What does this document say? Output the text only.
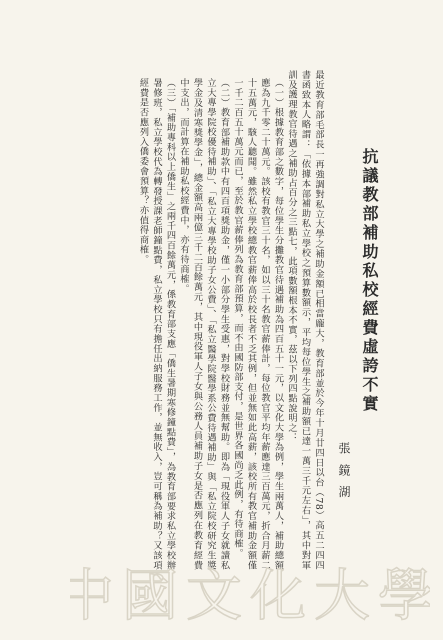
抗議教部補助私校經費虛誇不實
張 鏡 湖
最近教育部毛部長一再強調對私立大學之補助金額已相當龐大，教育部並於今年十月廿四日以台（78）高五二四四書函致本人略謂：「依據本部補助私立學校之預算數額示，平均每位學生之補助額已達一萬三千元左右」，其中對軍訓及護理教官待遇之補助占百分之三點七，此項數額根本不實，茲以下列四點說明之：
（一）根據教育部之數字，每位學生分攤教官待遇補助為四百五十一元，以文化大學為例，學生兩萬人，補助總額應為九千零二十萬元。該校有教官三十名，如以三十名教官薪俸計，每位教官平均年薪應達三百萬元，折合月薪二十五萬元，駭人聽聞。雖然私立學校總教官薪俸高於校長者不乏其例，但並無如此高薪，該校所有教官補助金額僅一千二百五十萬元而已，至於教官薪俸列為教育部預算，而不由國防部支付，是世界各國尚乏此例，有待商榷。
（二）教育部補助款中有四百項獎助金，僅一小部分學生受惠，對學校財務並無幫助。即為「現役軍人子女就讀私立大專學院校優待補助」、「私立大專學校助子女公費」、「私立醫學院醫學系公費待遇補助」與「私立院校研究生獎學金及清寒獎學金」，總金額高兩億三千二百餘萬元，其中現役軍人子女與公務人員補助子女是否應列在教育經費中支出，而計算在補助私校經費中，亦有待商榷。
（三）「補助專科以上僑生」之兩千四百餘萬元，係教育部支應「僑生暑期寒修鐘點費」，為教育部要求私立學校辦暑修班，私立學校代為轉發授課老師鐘點費，私立學校只有擔任出納服務工作，並無收入，豈可稱為補助？又該項經費是否應列入僑委會預算？亦值得商榷。
中國文化大學
